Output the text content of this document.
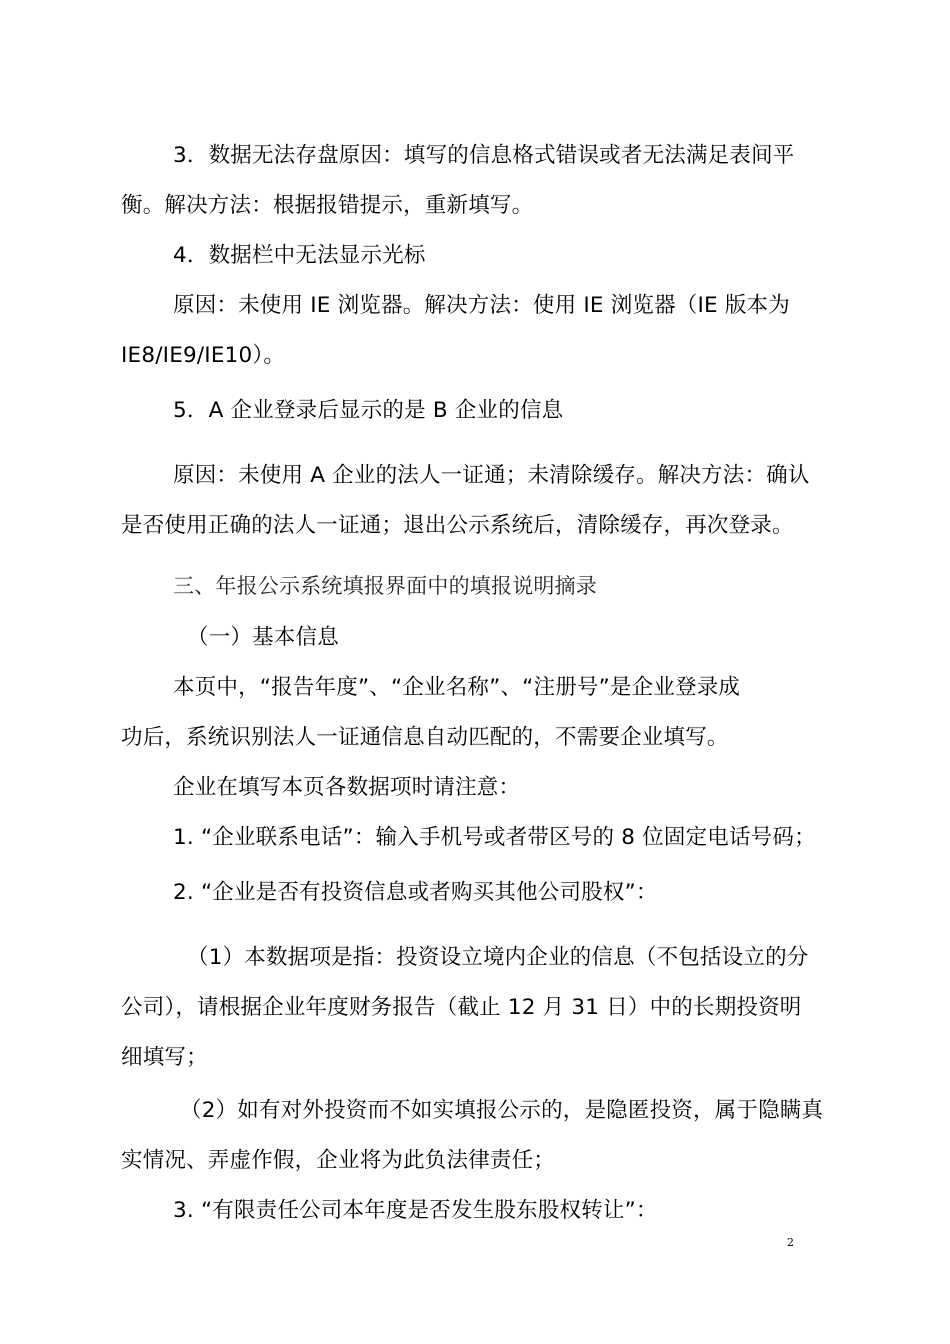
3．数据无法存盘原因：填写的信息格式错误或者无法满足表间平
衡。解决方法：根据报错提示，重新填写。
4．数据栏中无法显示光标
原因：未使用 IE 浏览器。解决方法：使用 IE 浏览器（IE 版本为
IE8/IE9/IE10）。
5．A 企业登录后显示的是 B 企业的信息
原因：未使用 A 企业的法人一证通；未清除缓存。解决方法：确认
是否使用正确的法人一证通；退出公示系统后，清除缓存，再次登录。
三、年报公示系统填报界面中的填报说明摘录
（一）基本信息
本页中，“报告年度”、“企业名称”、“注册号”是企业登录成
功后，系统识别法人一证通信息自动匹配的，不需要企业填写。
企业在填写本页各数据项时请注意：
1. “企业联系电话”：输入手机号或者带区号的 8 位固定电话号码；
2. “企业是否有投资信息或者购买其他公司股权”：
（1）本数据项是指：投资设立境内企业的信息（不包括设立的分
公司），请根据企业年度财务报告（截止 12 月 31 日）中的长期投资明
细填写；
（2）如有对外投资而不如实填报公示的，是隐匿投资，属于隐瞒真
实情况、弄虚作假，企业将为此负法律责任；
3. “有限责任公司本年度是否发生股东股权转让”：
2
